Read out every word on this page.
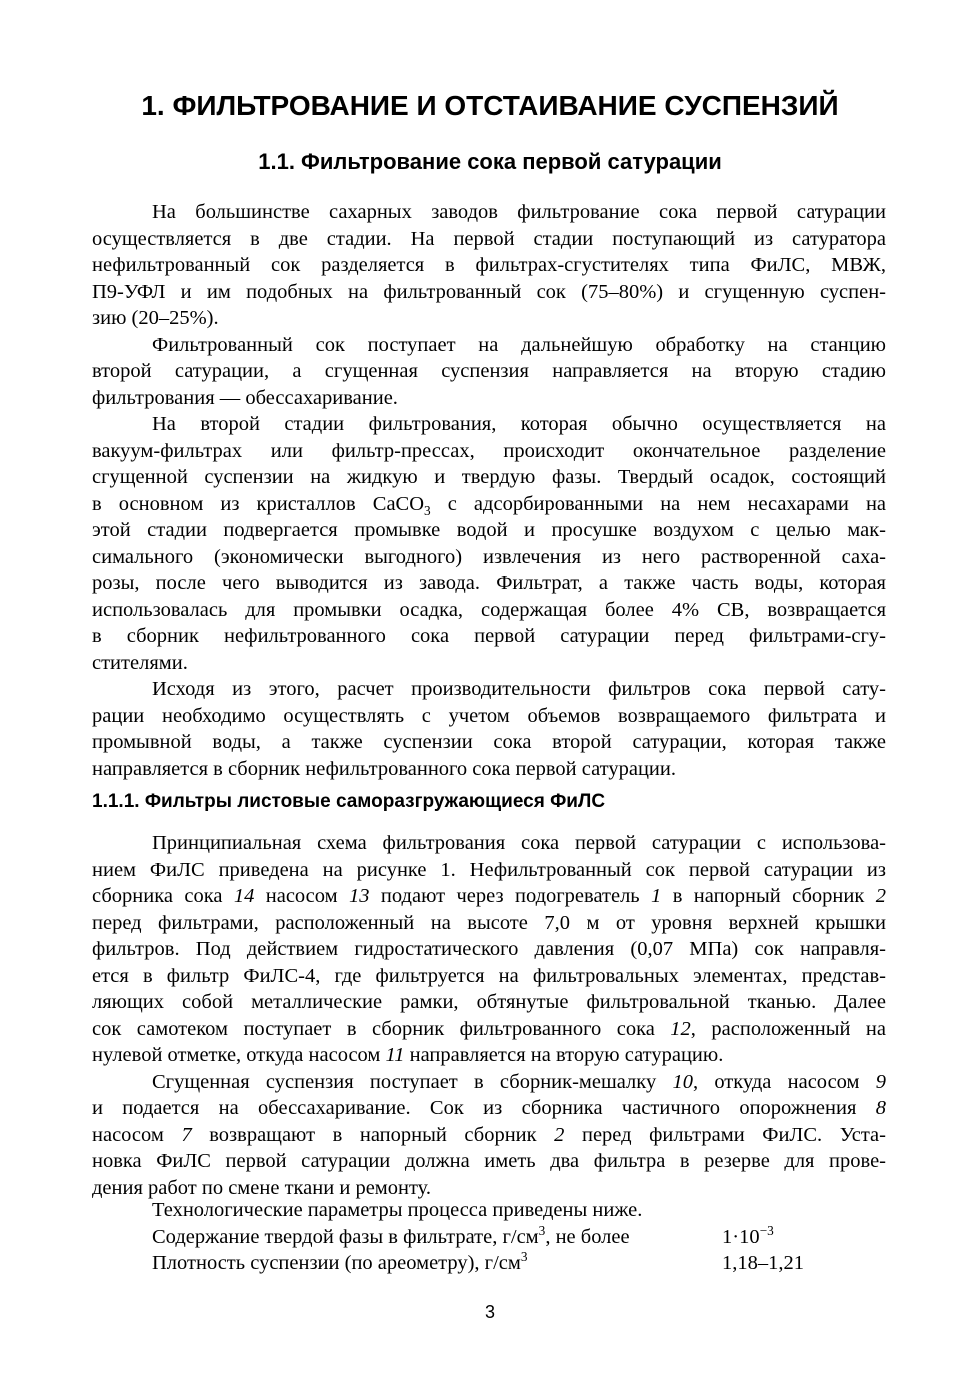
1. ФИЛЬТРОВАНИЕ И ОТСТАИВАНИЕ СУСПЕНЗИЙ
1.1. Фильтрование сока первой сатурации
На большинстве сахарных заводов фильтрование сока первой сатурации
осуществляется в две стадии. На первой стадии поступающий из сатуратора
нефильтрованный сок разделяется в фильтрах-сгустителях типа ФиЛС, МВЖ,
П9-УФЛ и им подобных на фильтрованный сок (75–80%) и сгущенную суспен-
зию (20–25%).
Фильтрованный сок поступает на дальнейшую обработку на станцию
второй сатурации, а сгущенная суспензия направляется на вторую стадию
фильтрования — обессахаривание.
На второй стадии фильтрования, которая обычно осуществляется на
вакуум-фильтрах или фильтр-прессах, происходит окончательное разделение
сгущенной суспензии на жидкую и твердую фазы. Твердый осадок, состоящий
в основном из кристаллов CaCO$_3$ с адсорбированными на нем несахарами на
этой стадии подвергается промывке водой и просушке воздухом с целью мак-
симального (экономически выгодного) извлечения из него растворенной саха-
розы, после чего выводится из завода. Фильтрат, а также часть воды, которая
использовалась для промывки осадка, содержащая более 4% СВ, возвращается
в сборник нефильтрованного сока первой сатурации перед фильтрами-сгу-
стителями.
Исходя из этого, расчет производительности фильтров сока первой сату-
рации необходимо осуществлять с учетом объемов возвращаемого фильтрата и
промывной воды, а также суспензии сока второй сатурации, которая также
направляется в сборник нефильтрованного сока первой сатурации.
1.1.1. Фильтры листовые саморазгружающиеся ФиЛС
Принципиальная схема фильтрования сока первой сатурации с использова-
нием ФиЛС приведена на рисунке 1. Нефильтрованный сок первой сатурации из
сборника сока 14 насосом 13 подают через подогреватель 1 в напорный сборник 2
перед фильтрами, расположенный на высоте 7,0 м от уровня верхней крышки
фильтров. Под действием гидростатического давления (0,07 МПа) сок направля-
ется в фильтр ФиЛС-4, где фильтруется на фильтровальных элементах, представ-
ляющих собой металлические рамки, обтянутые фильтровальной тканью. Далее
сок самотеком поступает в сборник фильтрованного сока 12, расположенный на
нулевой отметке, откуда насосом 11 направляется на вторую сатурацию.
Сгущенная суспензия поступает в сборник-мешалку 10, откуда насосом 9
и подается на обессахаривание. Сок из сборника частичного опорожнения 8
насосом 7 возвращают в напорный сборник 2 перед фильтрами ФиЛС. Уста-
новка ФиЛС первой сатурации должна иметь два фильтра в резерве для прове-
дения работ по смене ткани и ремонту.
Технологические параметры процесса приведены ниже.
Содержание твердой фазы в фильтрате, $г/см^3$, не более	$1\cdot 10^{-3}$
Плотность суспензии (по ареометру), $г/см^3$	1,18–1,21
3
